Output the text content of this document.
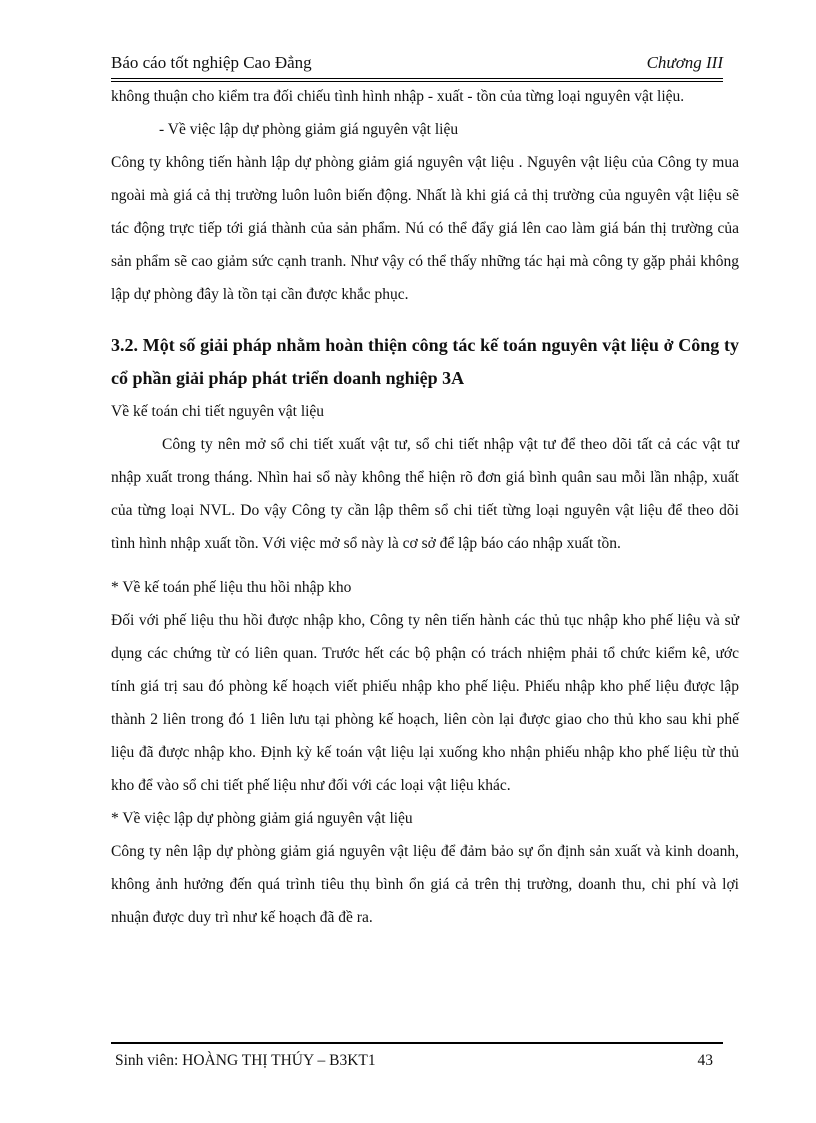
Báo cáo tốt nghiệp Cao Đẳng	Chương III

không thuận cho kiểm tra đối chiếu tình hình nhập - xuất - tồn của từng loại nguyên vật liệu.

- Về việc lập dự phòng giảm giá nguyên vật liệu

Công ty không tiến hành lập dự phòng giảm giá nguyên vật liệu . Nguyên vật liệu của Công ty mua ngoài mà giá cả thị trường luôn luôn biến động. Nhất là khi giá cả thị trường của nguyên vật liệu sẽ tác động trực tiếp tới giá thành của sản phẩm. Nú có thể đẩy giá lên cao làm giá bán thị trường của sản phẩm sẽ cao giảm sức cạnh tranh. Như vậy có thể thấy những tác hại mà công ty gặp phải không lập dự phòng đây là tồn tại cần được khắc phục.

3.2. Một số giải pháp nhằm hoàn thiện công tác kế toán nguyên vật liệu ở Công ty cổ phần giải pháp phát triển doanh nghiệp 3A

Về kế toán chi tiết nguyên vật liệu

Công ty nên mở sổ chi tiết xuất vật tư, sổ chi tiết nhập vật tư để theo dõi tất cả các vật tư nhập xuất trong tháng. Nhìn hai sổ này không thể hiện rõ đơn giá bình quân sau mỗi lần nhập, xuất của từng loại NVL. Do vậy Công ty cần lập thêm sổ chi tiết từng loại nguyên vật liệu để theo dõi tình hình nhập xuất tồn. Với việc mở sổ này là cơ sở để lập báo cáo nhập xuất tồn.

* Về kế toán phế liệu thu hồi nhập kho

Đối với phế liệu thu hồi được nhập kho, Công ty nên tiến hành các thủ tục nhập kho phế liệu và sử dụng các chứng từ có liên quan. Trước hết các bộ phận có trách nhiệm phải tổ chức kiểm kê, ước tính giá trị sau đó phòng kế hoạch viết phiếu nhập kho phế liệu. Phiếu nhập kho phế liệu được lập thành 2 liên trong đó 1 liên lưu tại phòng kế hoạch, liên còn lại được giao cho thủ kho sau khi phế liệu đã được nhập kho. Định kỳ kế toán vật liệu lại xuống kho nhận phiếu nhập kho phế liệu từ thủ kho để vào sổ chi tiết phế liệu như đối với các loại vật liệu khác.

* Về việc lập dự phòng giảm giá nguyên vật liệu

Công ty nên lập dự phòng giảm giá nguyên vật liệu để đảm bảo sự ổn định sản xuất và kinh doanh, không ảnh hưởng đến quá trình tiêu thụ bình ổn giá cả trên thị trường, doanh thu, chi phí và lợi nhuận được duy trì như kế hoạch đã đề ra.

Sinh viên: HOÀNG THỊ THÚY – B3KT1	43
